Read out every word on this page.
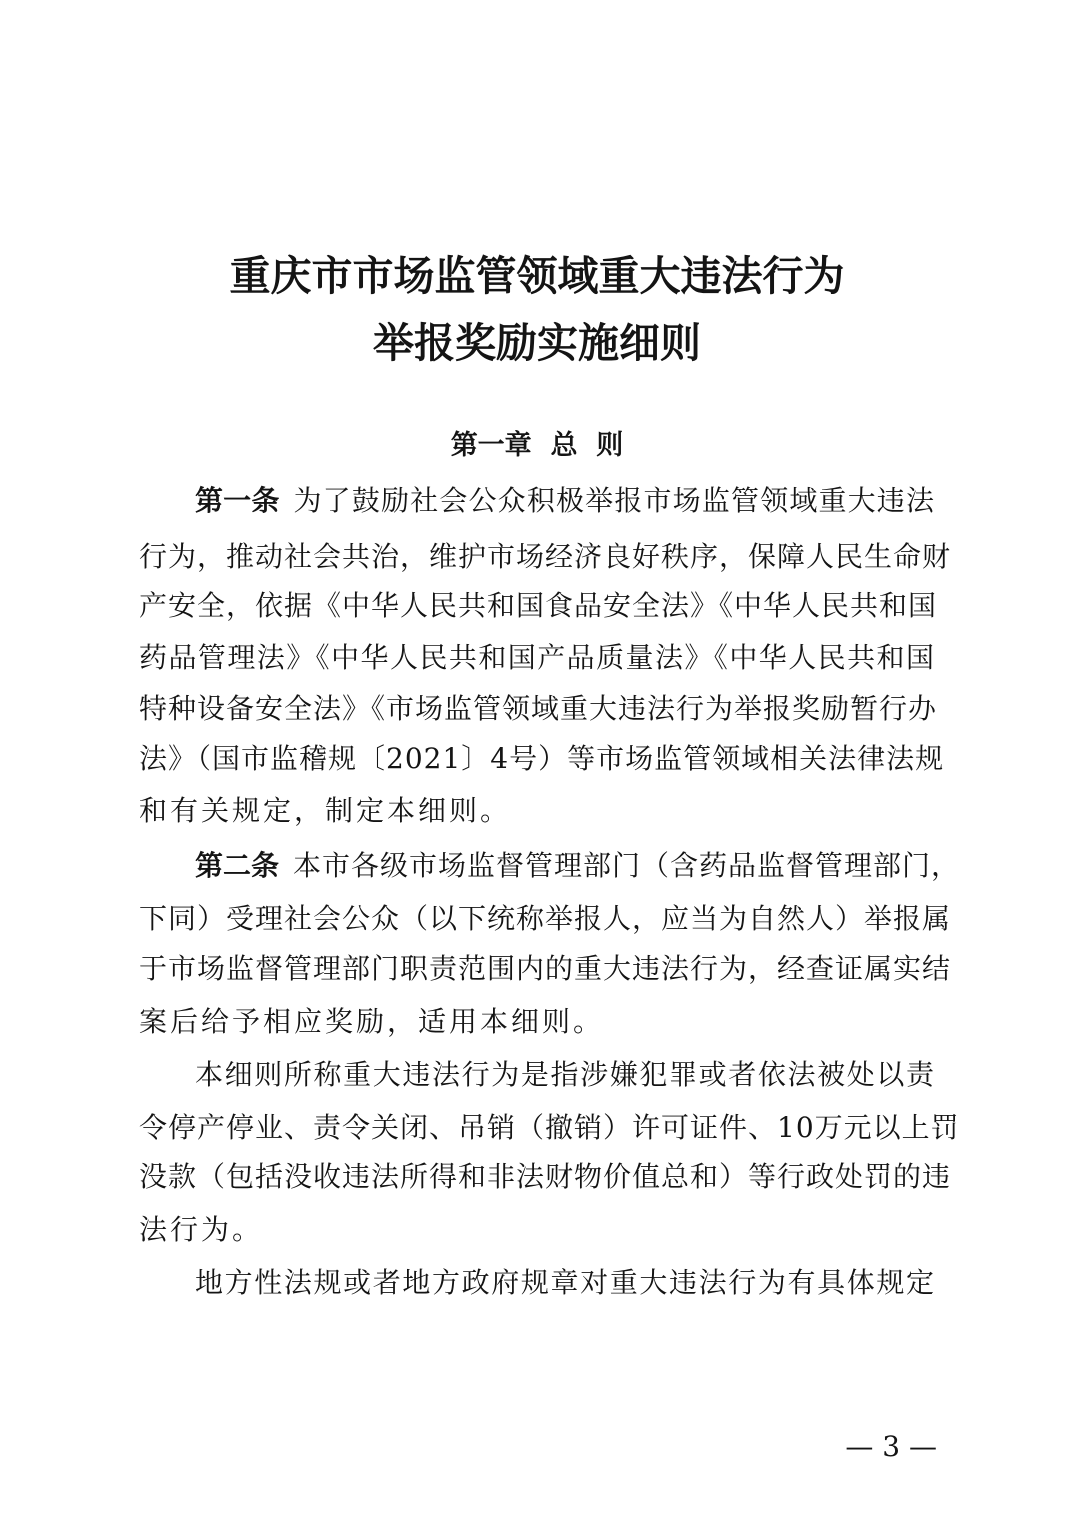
重庆市市场监管领域重大违法行为
举报奖励实施细则
第一章  总  则
第一条 为了鼓励社会公众积极举报市场监管领域重大违法
行为，推动社会共治，维护市场经济良好秩序，保障人民生命财
产安全，依据《中华人民共和国食品安全法》《中华人民共和国
药品管理法》《中华人民共和国产品质量法》《中华人民共和国
特种设备安全法》《市场监管领域重大违法行为举报奖励暂行办
法》（国市监稽规〔2021〕4号）等市场监管领域相关法律法规
和有关规定，制定本细则。
第二条 本市各级市场监督管理部门（含药品监督管理部门，
下同）受理社会公众（以下统称举报人，应当为自然人）举报属
于市场监督管理部门职责范围内的重大违法行为，经查证属实结
案后给予相应奖励，适用本细则。
本细则所称重大违法行为是指涉嫌犯罪或者依法被处以责
令停产停业、责令关闭、吊销（撤销）许可证件、10万元以上罚
没款（包括没收违法所得和非法财物价值总和）等行政处罚的违
法行为。
地方性法规或者地方政府规章对重大违法行为有具体规定
— 3 —
